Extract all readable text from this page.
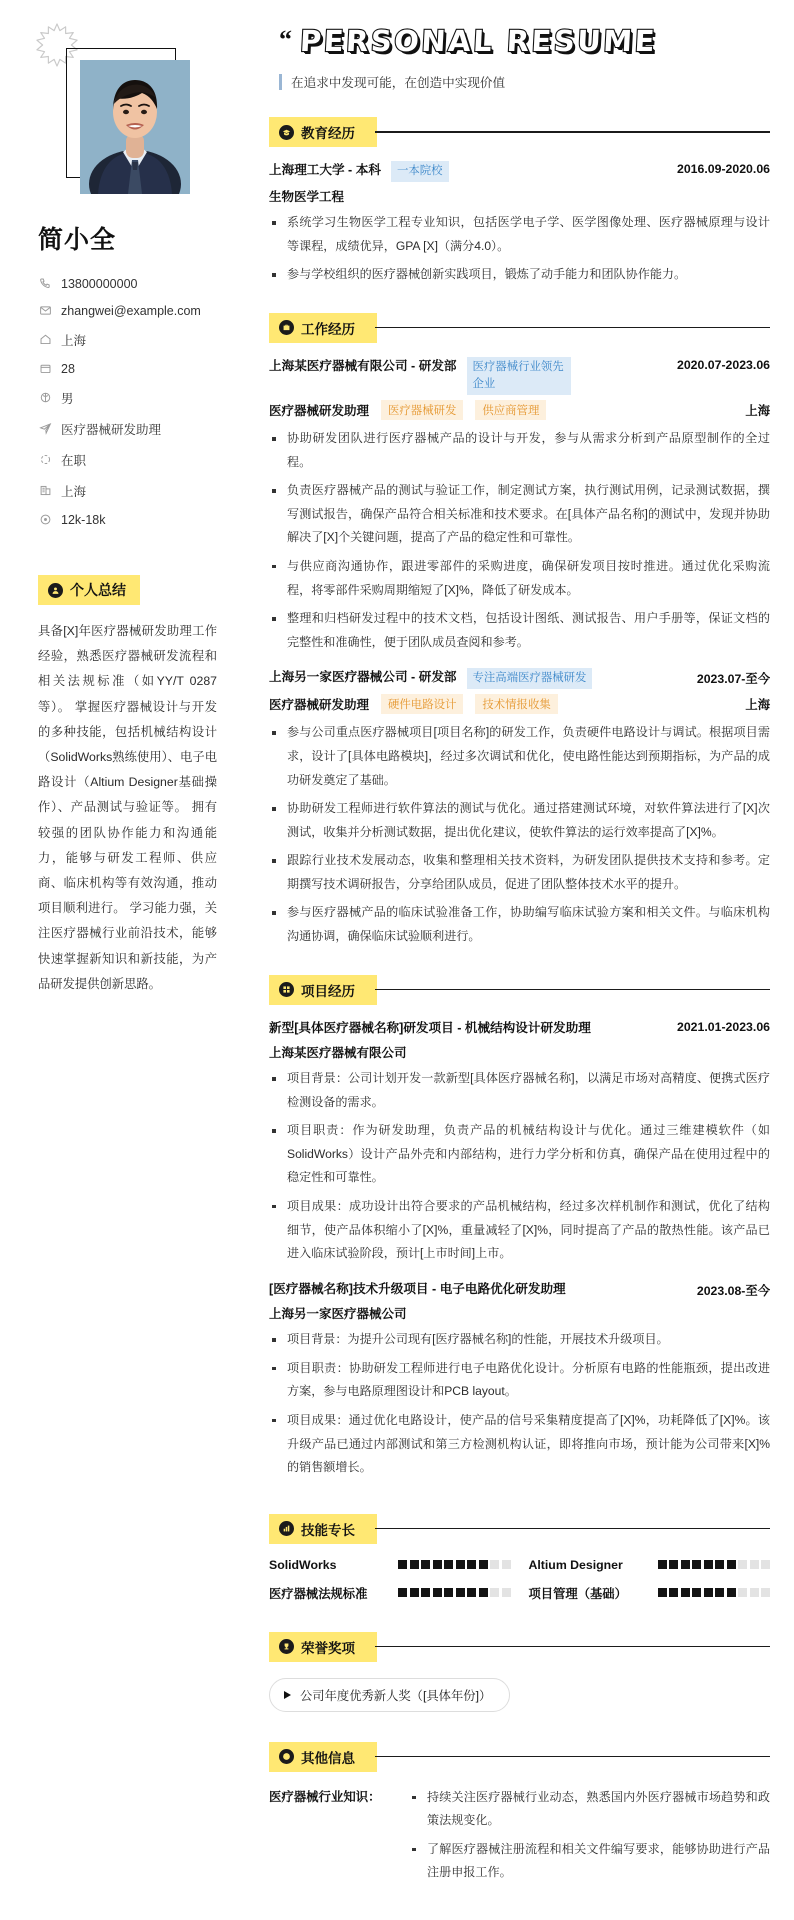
简小全
13800000000
zhangwei@example.com
上海
28
男
医疗器械研发助理
在职
上海
12k-18k
个人总结
具备[X]年医疗器械研发助理工作经验，熟悉医疗器械研发流程和相关法规标准（如YY/T 0287等）。 掌握医疗器械设计与开发的多种技能，包括机械结构设计（SolidWorks熟练使用）、电子电路设计（Altium Designer基础操作）、产品测试与验证等。 拥有较强的团队协作能力和沟通能力，能够与研发工程师、供应商、临床机构等有效沟通，推动项目顺利进行。 学习能力强，关注医疗器械行业前沿技术，能够快速掌握新知识和新技能，为产品研发提供创新思路。
“ PERSONAL RESUME
在追求中发现可能，在创造中实现价值
教育经历
上海理工大学 - 本科	一本院校	2016.09-2020.06
生物医学工程
系统学习生物医学工程专业知识，包括医学电子学、医学图像处理、医疗器械原理与设计等课程，成绩优异，GPA [X]（满分4.0）。
参与学校组织的医疗器械创新实践项目，锻炼了动手能力和团队协作能力。
工作经历
上海某医疗器械有限公司 - 研发部	医疗器械行业领先企业
2020.07-2023.06
医疗器械研发助理	医疗器械研发	供应商管理	上海
协助研发团队进行医疗器械产品的设计与开发，参与从需求分析到产品原型制作的全过程。
负责医疗器械产品的测试与验证工作，制定测试方案，执行测试用例，记录测试数据，撰写测试报告，确保产品符合相关标准和技术要求。在[具体产品名称]的测试中，发现并协助解决了[X]个关键问题，提高了产品的稳定性和可靠性。
与供应商沟通协作，跟进零部件的采购进度，确保研发项目按时推进。通过优化采购流程，将零部件采购周期缩短了[X]%，降低了研发成本。
整理和归档研发过程中的技术文档，包括设计图纸、测试报告、用户手册等，保证文档的完整性和准确性，便于团队成员查阅和参考。
上海另一家医疗器械公司 - 研发部	专注高端医疗器械研发	2023.07-至今
医疗器械研发助理	硬件电路设计	技术情报收集	上海
参与公司重点医疗器械项目[项目名称]的研发工作，负责硬件电路设计与调试。根据项目需求，设计了[具体电路模块]，经过多次调试和优化，使电路性能达到预期指标，为产品的成功研发奠定了基础。
协助研发工程师进行软件算法的测试与优化。通过搭建测试环境，对软件算法进行了[X]次测试，收集并分析测试数据，提出优化建议，使软件算法的运行效率提高了[X]%。
跟踪行业技术发展动态，收集和整理相关技术资料，为研发团队提供技术支持和参考。定期撰写技术调研报告，分享给团队成员，促进了团队整体技术水平的提升。
参与医疗器械产品的临床试验准备工作，协助编写临床试验方案和相关文件。与临床机构沟通协调，确保临床试验顺利进行。
项目经历
新型[具体医疗器械名称]研发项目 - 机械结构设计研发助理	2021.01-2023.06
上海某医疗器械有限公司
项目背景：公司计划开发一款新型[具体医疗器械名称]，以满足市场对高精度、便携式医疗检测设备的需求。
项目职责：作为研发助理，负责产品的机械结构设计与优化。通过三维建模软件（如SolidWorks）设计产品外壳和内部结构，进行力学分析和仿真，确保产品在使用过程中的稳定性和可靠性。
项目成果：成功设计出符合要求的产品机械结构，经过多次样机制作和测试，优化了结构细节，使产品体积缩小了[X]%，重量减轻了[X]%，同时提高了产品的散热性能。该产品已进入临床试验阶段，预计[上市时间]上市。
[医疗器械名称]技术升级项目 - 电子电路优化研发助理	2023.08-至今
上海另一家医疗器械公司
项目背景：为提升公司现有[医疗器械名称]的性能，开展技术升级项目。
项目职责：协助研发工程师进行电子电路优化设计。分析原有电路的性能瓶颈，提出改进方案，参与电路原理图设计和PCB layout。
项目成果：通过优化电路设计，使产品的信号采集精度提高了[X]%，功耗降低了[X]%。该升级产品已通过内部测试和第三方检测机构认证，即将推向市场，预计能为公司带来[X]%的销售额增长。
技能专长
SolidWorks	Altium Designer
医疗器械法规标准	项目管理（基础）
荣誉奖项
公司年度优秀新人奖（[具体年份]）
其他信息
医疗器械行业知识：	持续关注医疗器械行业动态，熟悉国内外医疗器械市场趋势和政策法规变化。
了解医疗器械注册流程和相关文件编写要求，能够协助进行产品注册申报工作。
